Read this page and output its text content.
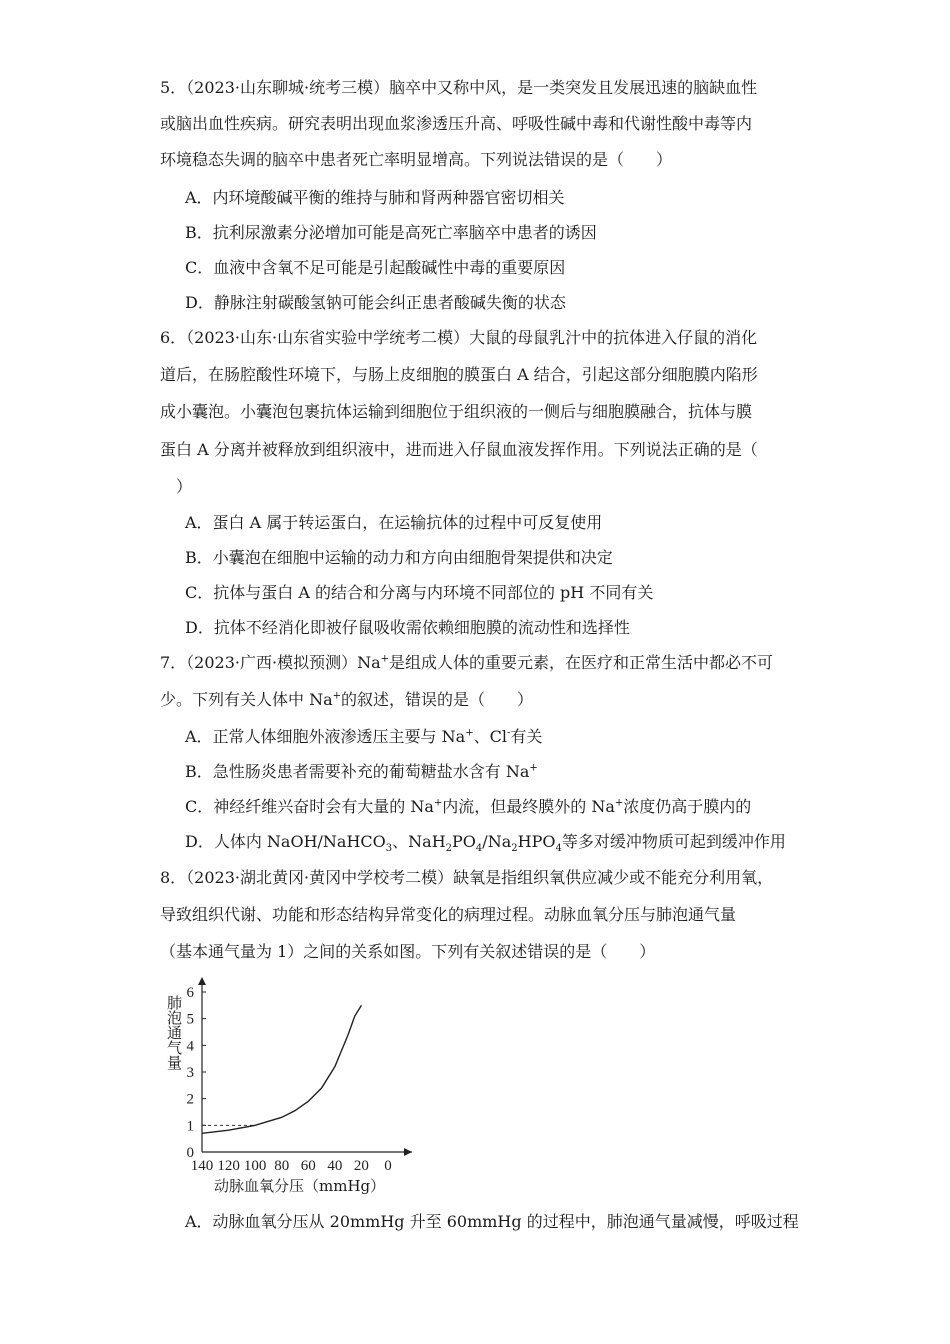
5．（2023·山东聊城·统考三模）脑卒中又称中风，是一类突发且发展迅速的脑缺血性
或脑出血性疾病。研究表明出现血浆渗透压升高、呼吸性碱中毒和代谢性酸中毒等内
环境稳态失调的脑卒中患者死亡率明显增高。下列说法错误的是（　　）
A．内环境酸碱平衡的维持与肺和肾两种器官密切相关
B．抗利尿激素分泌增加可能是高死亡率脑卒中患者的诱因
C．血液中含氧不足可能是引起酸碱性中毒的重要原因
D．静脉注射碳酸氢钠可能会纠正患者酸碱失衡的状态
6．（2023·山东·山东省实验中学统考二模）大鼠的母鼠乳汁中的抗体进入仔鼠的消化
道后，在肠腔酸性环境下，与肠上皮细胞的膜蛋白 A 结合，引起这部分细胞膜内陷形
成小囊泡。小囊泡包裹抗体运输到细胞位于组织液的一侧后与细胞膜融合，抗体与膜
蛋白 A 分离并被释放到组织液中，进而进入仔鼠血液发挥作用。下列说法正确的是（
　）
A．蛋白 A 属于转运蛋白，在运输抗体的过程中可反复使用
B．小囊泡在细胞中运输的动力和方向由细胞骨架提供和决定
C．抗体与蛋白 A 的结合和分离与内环境不同部位的 pH 不同有关
D．抗体不经消化即被仔鼠吸收需依赖细胞膜的流动性和选择性
7．（2023·广西·模拟预测）Na+是组成人体的重要元素，在医疗和正常生活中都必不可
少。下列有关人体中 Na+的叙述，错误的是（　　）
A．正常人体细胞外液渗透压主要与 Na+、Cl-有关
B．急性肠炎患者需要补充的葡萄糖盐水含有 Na+
C．神经纤维兴奋时会有大量的 Na+内流，但最终膜外的 Na+浓度仍高于膜内的
D．人体内 NaOH/NaHCO$_3$、$NaH_2PO_4/Na_2HPO_4$等多对缓冲物质可起到缓冲作用
8．（2023·湖北黄冈·黄冈中学校考二模）缺氧是指组织氧供应减少或不能充分利用氧，
导致组织代谢、功能和形态结构异常变化的病理过程。动脉血氧分压与肺泡通气量
（基本通气量为 1）之间的关系如图。下列有关叙述错误的是（　　）
0
1
2
3
4
5
6
140 120 100 80 60 40 20 0
肺泡通气量
动脉血氧分压（mmHg）
A．动脉血氧分压从 20mmHg 升至 60mmHg 的过程中，肺泡通气量减慢，呼吸过程
